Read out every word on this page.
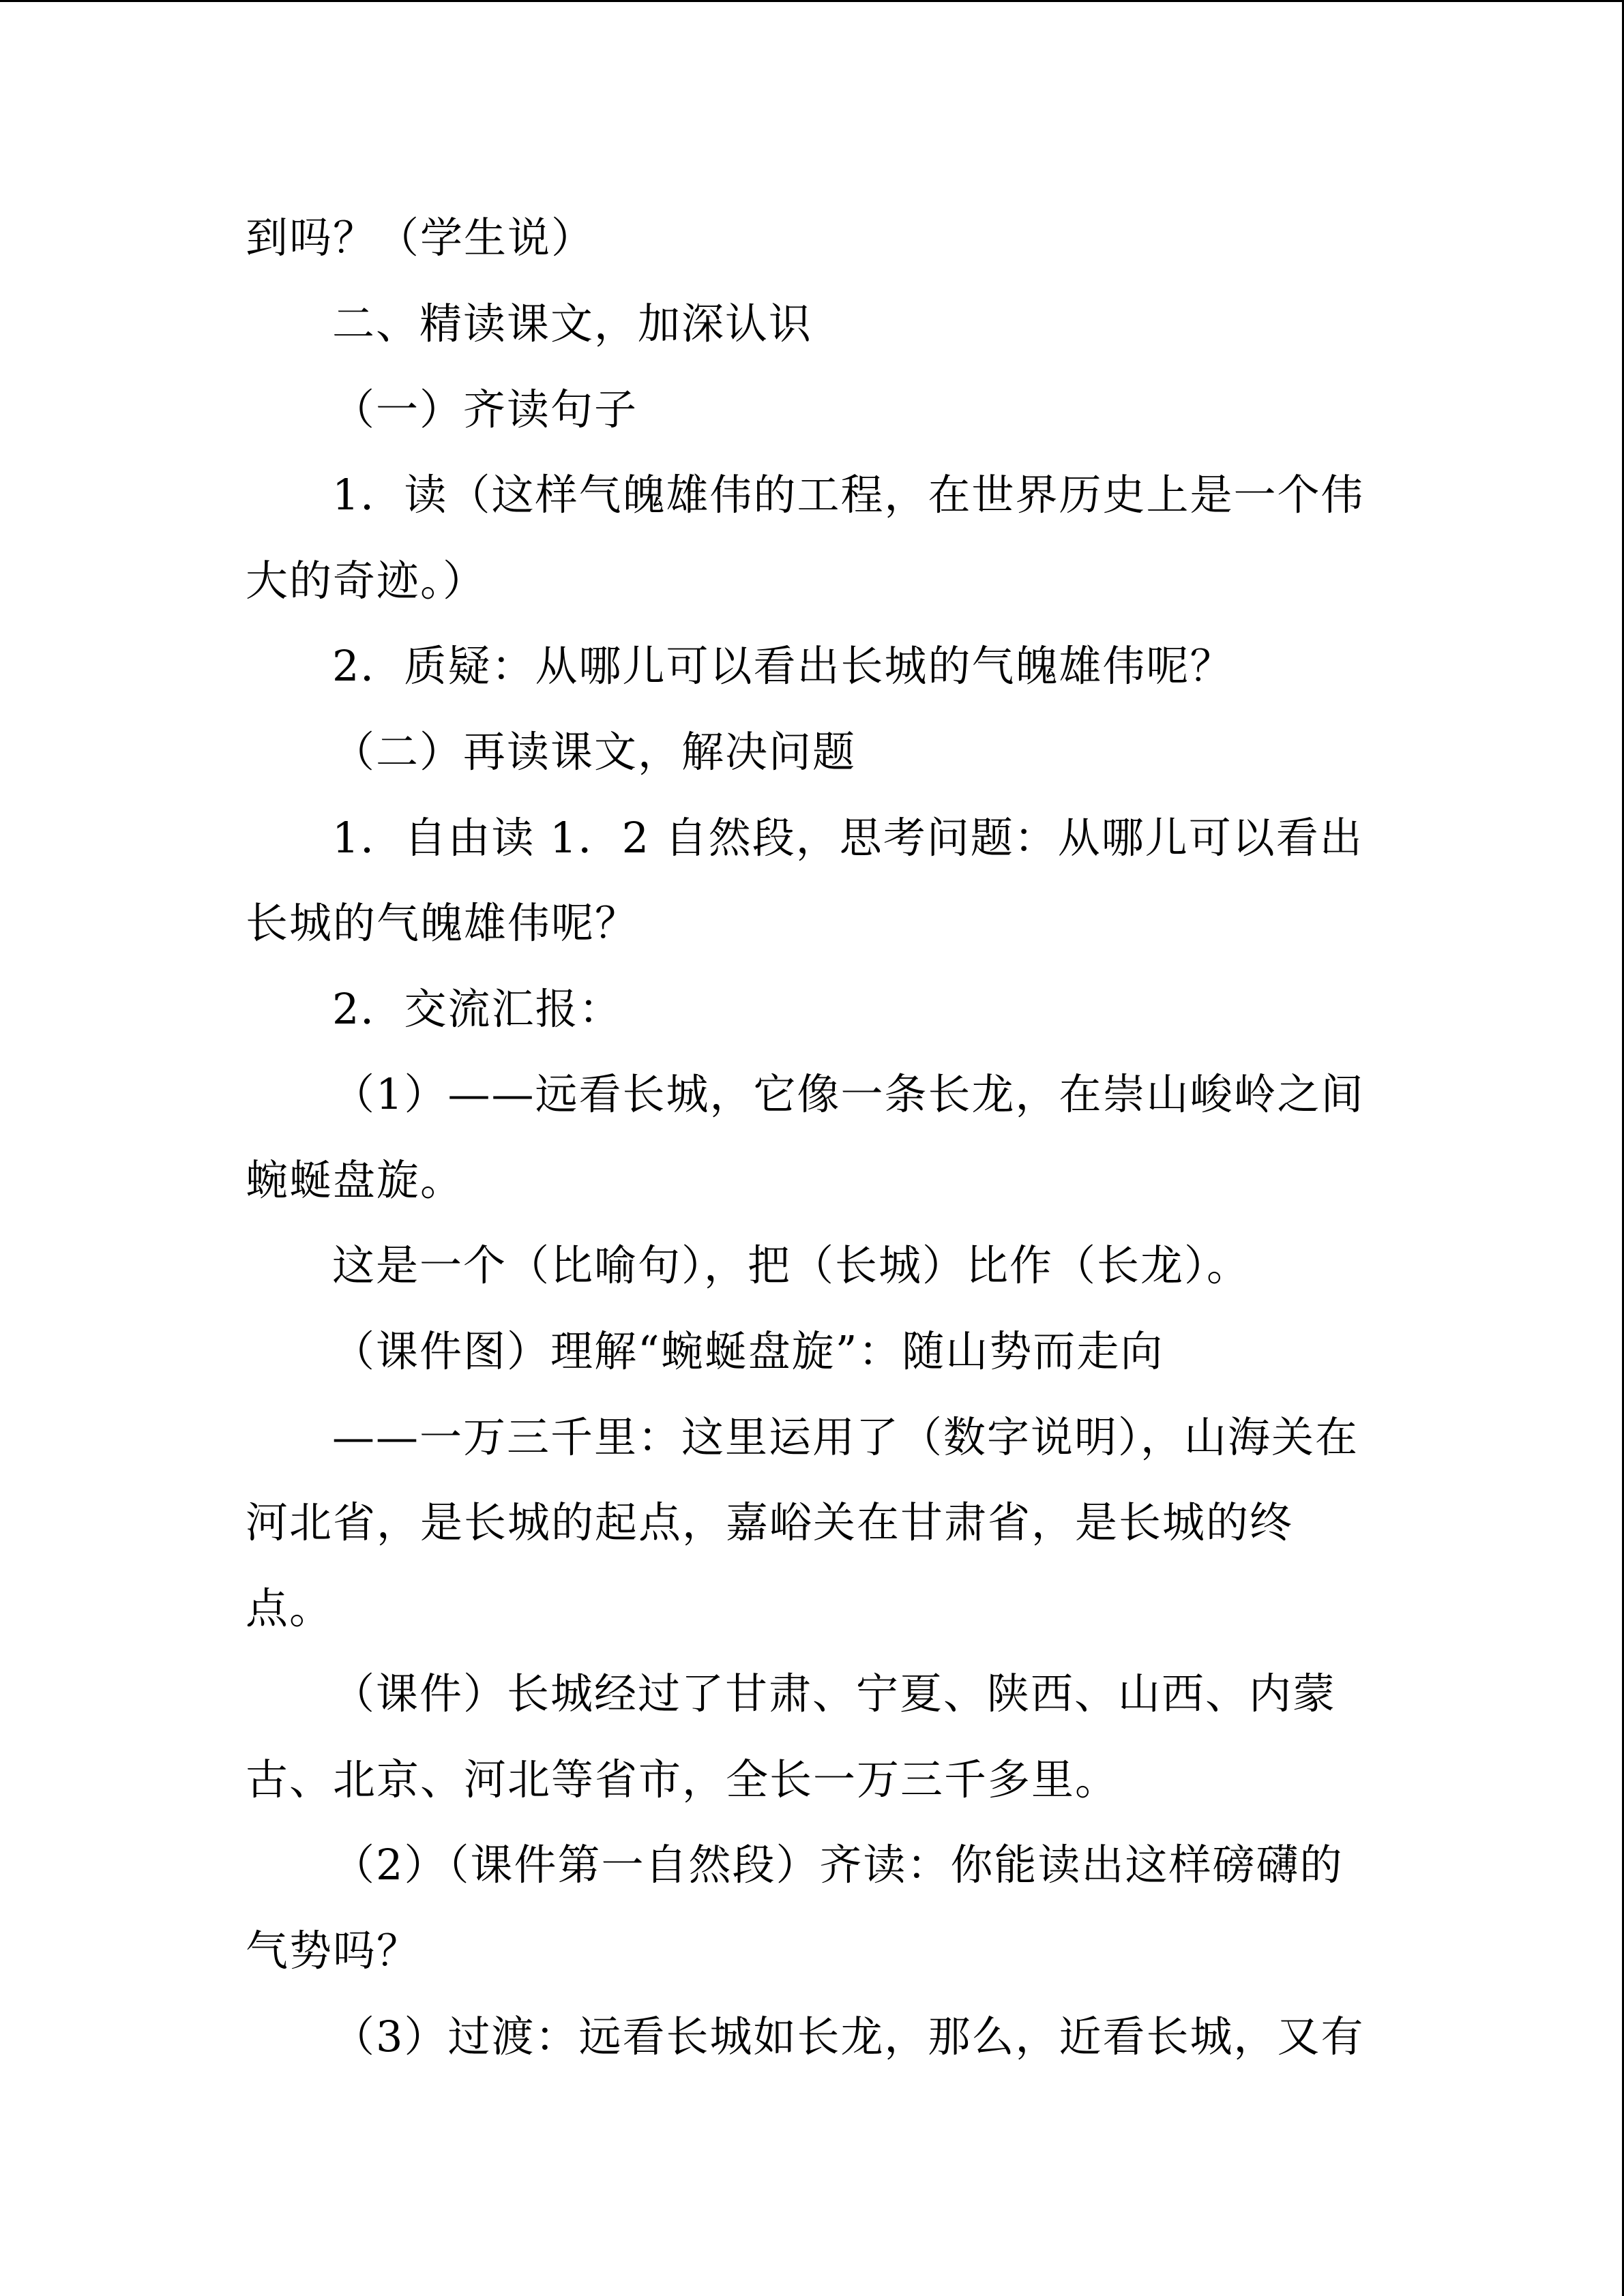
到吗？（学生说）
二、精读课文，加深认识
（一）齐读句子
1．读（这样气魄雄伟的工程，在世界历史上是一个伟
大的奇迹。）
2．质疑：从哪儿可以看出长城的气魄雄伟呢？
（二）再读课文，解决问题
1．自由读 1．2 自然段，思考问题：从哪儿可以看出
长城的气魄雄伟呢？
2．交流汇报：
（1）——远看长城，它像一条长龙，在崇山峻岭之间
蜿蜒盘旋。
这是一个（比喻句），把（长城）比作（长龙）。
（课件图）理解“蜿蜒盘旋”：随山势而走向
——一万三千里：这里运用了（数字说明），山海关在
河北省，是长城的起点，嘉峪关在甘肃省，是长城的终
点。
（课件）长城经过了甘肃、宁夏、陕西、山西、内蒙
古、北京、河北等省市，全长一万三千多里。
（2）（课件第一自然段）齐读：你能读出这样磅礴的
气势吗？
（3）过渡：远看长城如长龙，那么，近看长城，又有
